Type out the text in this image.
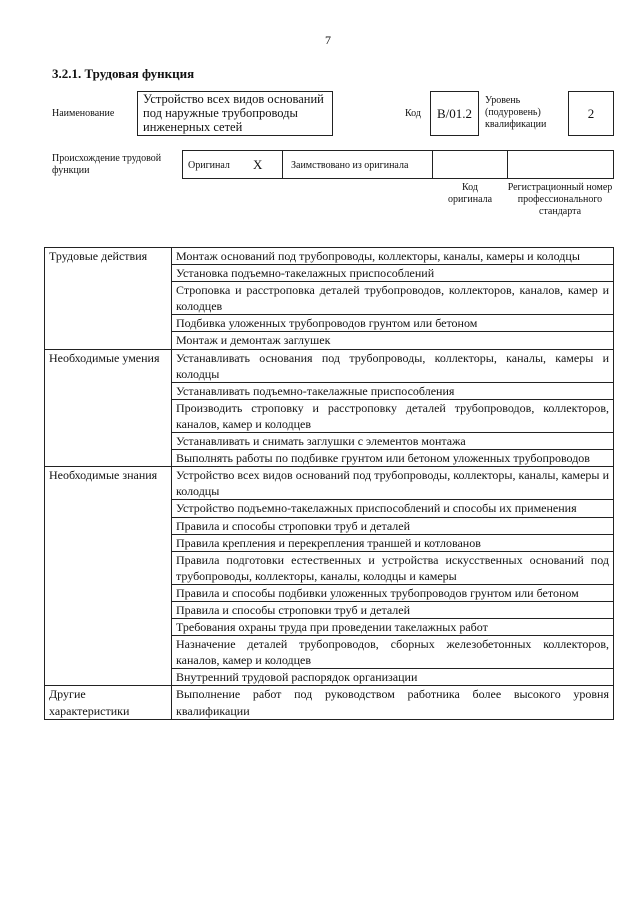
7
3.2.1. Трудовая функция
Наименование
Устройство всех видов оснований под наружные трубопроводы инженерных сетей
Код	B/01.2
Уровень (подуровень) квалификации
2
Происхождение трудовой функции	Оригинал X	Заимствовано из оригинала
Код оригинала
Регистрационный номер профессионального стандарта
Трудовые действия	Монтаж оснований под трубопроводы, коллекторы, каналы, камеры и колодцы
	Установка подъемно-такелажных приспособлений
	Строповка и расстроповка деталей трубопроводов, коллекторов, каналов, камер и колодцев
	Подбивка уложенных трубопроводов грунтом или бетоном
	Монтаж и демонтаж заглушек
Необходимые умения	Устанавливать основания под трубопроводы, коллекторы, каналы, камеры и колодцы
	Устанавливать подъемно-такелажные приспособления
	Производить строповку и расстроповку деталей трубопроводов, коллекторов, каналов, камер и колодцев
	Устанавливать и снимать заглушки с элементов монтажа
	Выполнять работы по подбивке грунтом или бетоном уложенных трубопроводов
Необходимые знания	Устройство всех видов оснований под трубопроводы, коллекторы, каналы, камеры и колодцы
	Устройство подъемно-такелажных приспособлений и способы их применения
	Правила и способы строповки труб и деталей
	Правила крепления и перекрепления траншей и котлованов
	Правила подготовки естественных и устройства искусственных оснований под трубопроводы, коллекторы, каналы, колодцы и камеры
	Правила и способы подбивки уложенных трубопроводов грунтом или бетоном
	Правила и способы строповки труб и деталей
	Требования охраны труда при проведении такелажных работ
	Назначение деталей трубопроводов, сборных железобетонных коллекторов, каналов, камер и колодцев
	Внутренний трудовой распорядок организации
Другие характеристики	Выполнение работ под руководством работника более высокого уровня квалификации
